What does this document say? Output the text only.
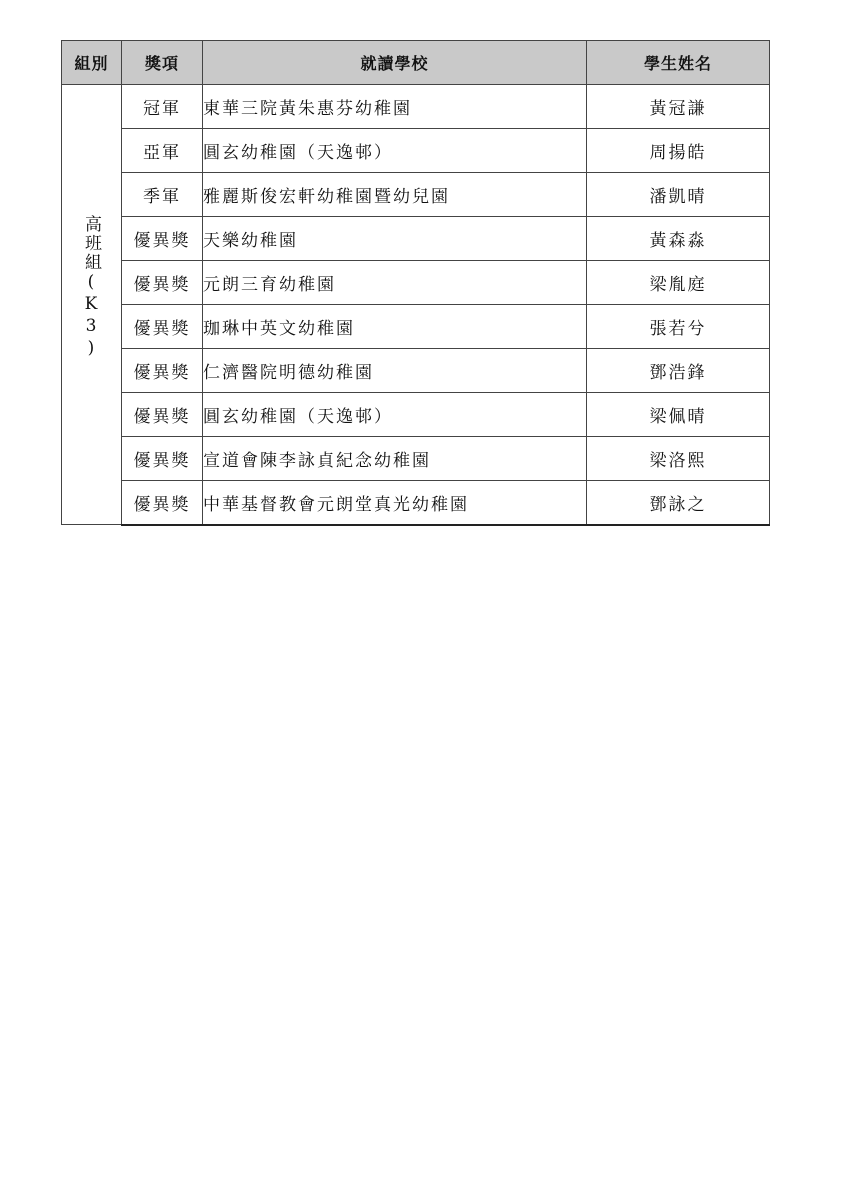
組別	獎項	就讀學校	學生姓名
高班組(K3)	冠軍	東華三院黃朱惠芬幼稚園	黃冠謙
	亞軍	圓玄幼稚園（天逸邨）	周揚皓
	季軍	雅麗斯俊宏軒幼稚園暨幼兒園	潘凱晴
	優異獎	天樂幼稚園	黃森淼
	優異獎	元朗三育幼稚園	梁胤庭
	優異獎	珈琳中英文幼稚園	張若兮
	優異獎	仁濟醫院明德幼稚園	鄧浩鋒
	優異獎	圓玄幼稚園（天逸邨）	梁佩晴
	優異獎	宣道會陳李詠貞紀念幼稚園	梁洛熙
	優異獎	中華基督教會元朗堂真光幼稚園	鄧詠之
